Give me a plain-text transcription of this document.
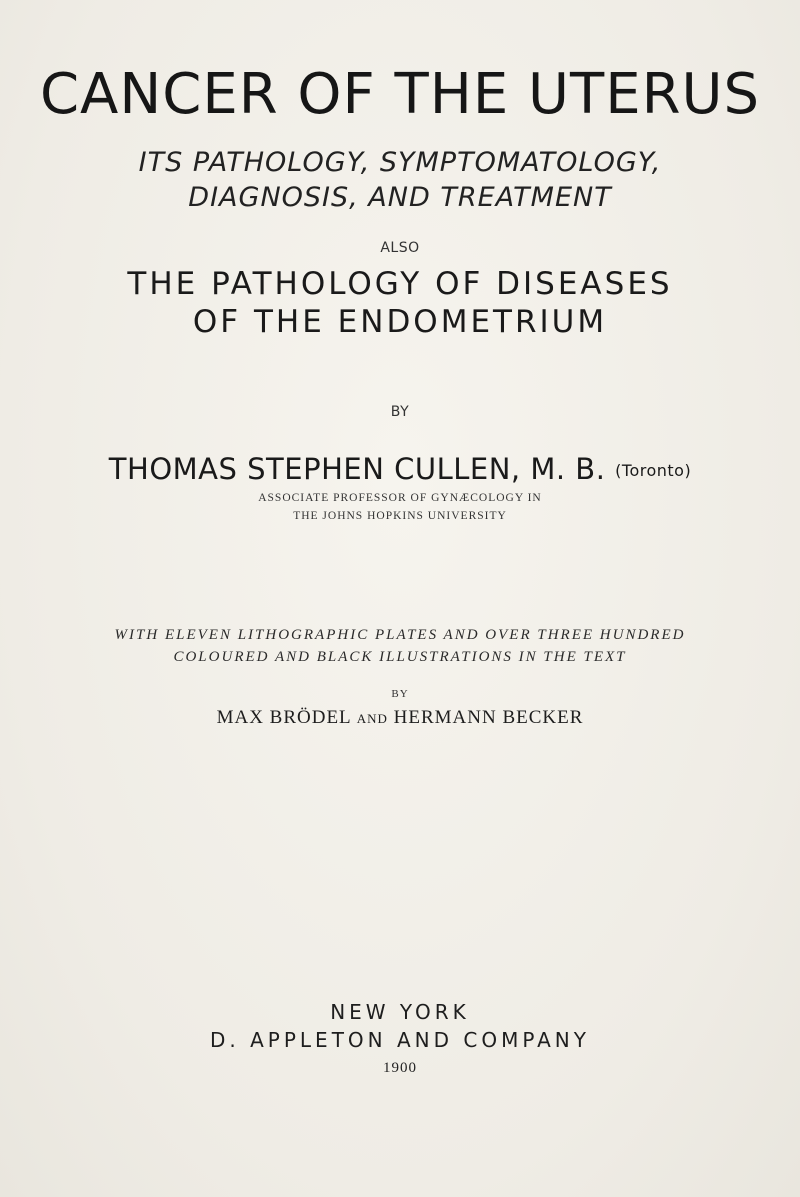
CANCER OF THE UTERUS
ITS PATHOLOGY, SYMPTOMATOLOGY,
DIAGNOSIS, AND TREATMENT
ALSO
THE PATHOLOGY OF DISEASES
OF THE ENDOMETRIUM
BY
THOMAS STEPHEN CULLEN, M. B. (Toronto)
ASSOCIATE PROFESSOR OF GYNÆCOLOGY IN
THE JOHNS HOPKINS UNIVERSITY
WITH ELEVEN LITHOGRAPHIC PLATES AND OVER THREE HUNDRED
COLOURED AND BLACK ILLUSTRATIONS IN THE TEXT
BY
MAX BRÖDEL AND HERMANN BECKER
NEW YORK
D. APPLETON AND COMPANY
1900
